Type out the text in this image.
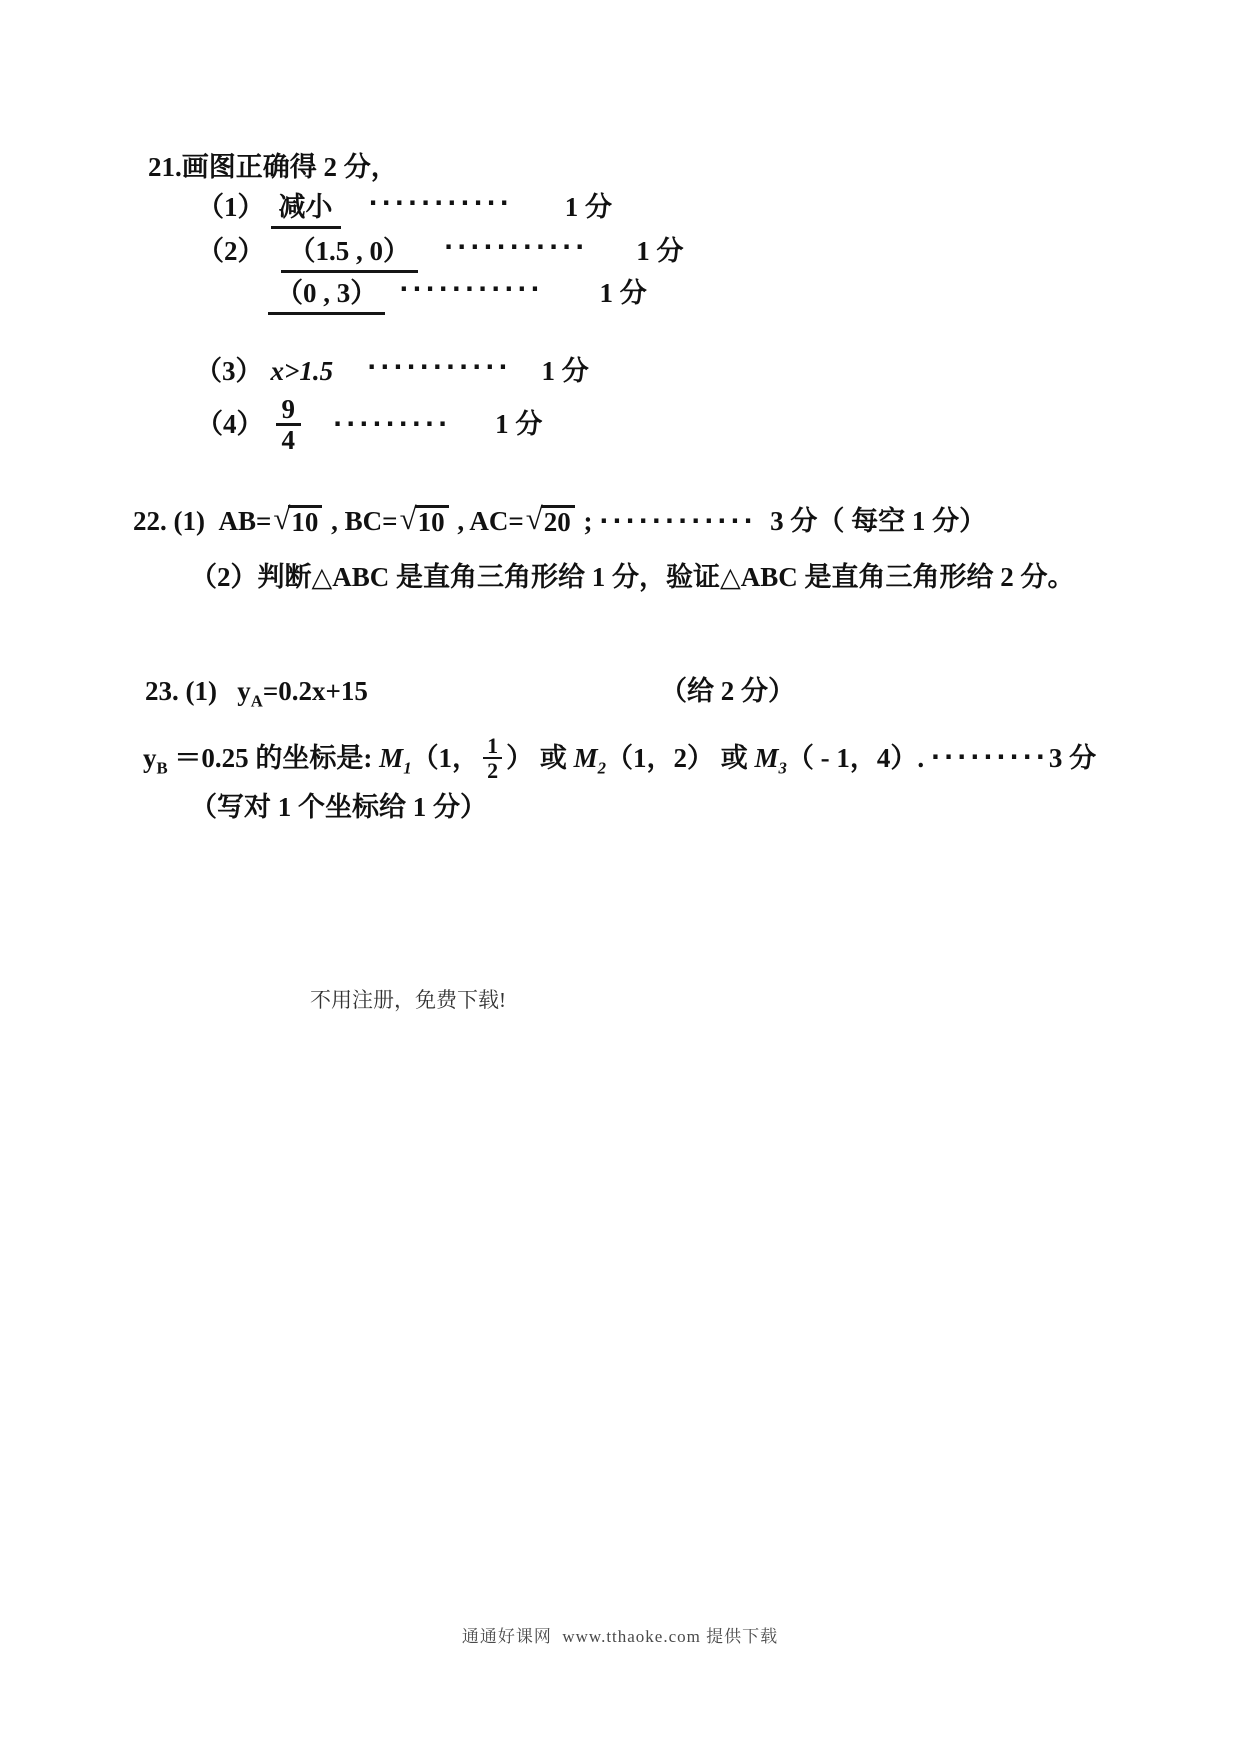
21.画图正确得 2 分，
（1） 减小	··········· 1 分
（2） （1.5 , 0）	··········· 1 分
（0 , 3） ··········· 1 分
（3） x>1.5 ··········· 1 分
$(4) \frac{9}{4}$ ········· 1 分
22. (1) AB= √ 10 , BC= √ 10 , AC= √ 20 ; ············ 3 分（ 每空 1 分）
（2）判断△ABC 是直角三角形给 1 分，验证△ABC 是直角三角形给 2 分。
23. (1) $y_A=0.2x+15$	（给 2 分）
$y_B =0.25$ 的坐标是: $M_1$ （1， $\frac{1}{2}$ ） 或 $M_2$ （1，2） 或 $M_3$ （ - 1，4）. ········· 3 分
（写对 1 个坐标给 1 分）
不用注册，免费下载!
通通好课网  www.tthaoke.com 提供下载
